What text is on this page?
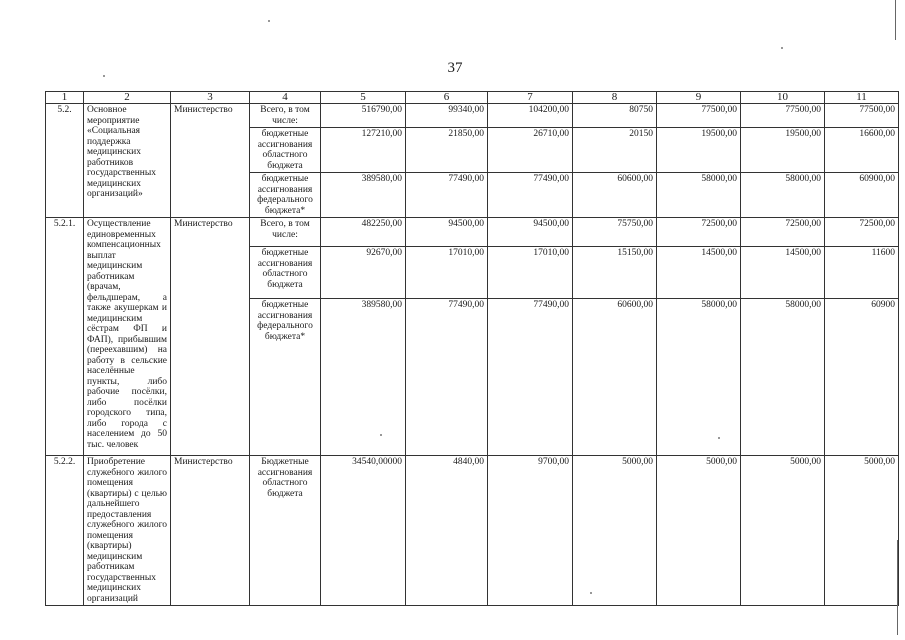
37
1	2	3	4	5	6	7	8	9	10	11
5.2.	Основное мероприятие «Социальная поддержка медицинских работников государственных медицинских организаций»	Министерство	Всего, в том числе:	516790,00	99340,00	104200,00	80750	77500,00	77500,00	77500,00
			бюджетные ассигнования областного бюджета	127210,00	21850,00	26710,00	20150	19500,00	19500,00	16600,00
			бюджетные ассигнования федерального бюджета*	389580,00	77490,00	77490,00	60600,00	58000,00	58000,00	60900,00
5.2.1.	Осуществление единовременных компенсационных выплат медицинским работникам (врачам, фельдшерам, а также акушеркам и медицинским сёстрам ФП и ФАП), прибывшим (переехавшим) на работу в сельские населённые пункты, либо рабочие посёлки, либо посёлки городского типа, либо города с населением до 50 тыс. человек	Министерство	Всего, в том числе:	482250,00	94500,00	94500,00	75750,00	72500,00	72500,00	72500,00
			бюджетные ассигнования областного бюджета	92670,00	17010,00	17010,00	15150,00	14500,00	14500,00	11600
			бюджетные ассигнования федерального бюджета*	389580,00	77490,00	77490,00	60600,00	58000,00	58000,00	60900
5.2.2.	Приобретение служебного жилого помещения (квартиры) с целью дальнейшего предоставления служебного жилого помещения (квартиры) медицинским работникам государственных медицинских организаций	Министерство	Бюджетные ассигнования областного бюджета	34540,00000	4840,00	9700,00	5000,00	5000,00	5000,00	5000,00
